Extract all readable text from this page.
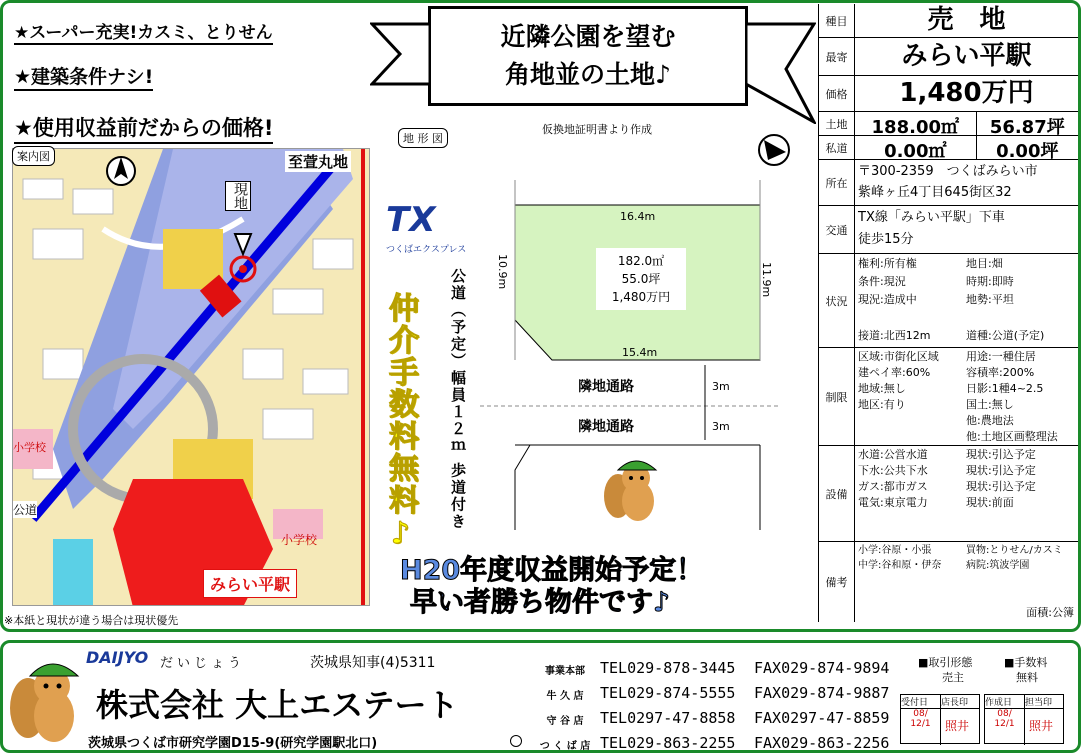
★スーパー充実!カスミ、とりせん
★建築条件ナシ!
★使用収益前だからの価格!
近隣公園を望む
角地並の土地♪
地 形 図
仮換地証明書より作成
案内図	至萱丸地
現地
みらい平駅
小学校
公道
小学校
※本紙と現状が違う場合は現状優先
TX
つくばエクスプレス
仲介手数料無料♪ 公道（予定）幅員１２ｍ 歩道付き
16.4m
15.4m
10.9m	11.9m
182.0㎡
55.0坪
1,480万円
隣地通路
隣地通路
3m
3m
H20年度収益開始予定！
早い者勝ち物件です♪
種目	売　地
最寄	みらい平駅
価格	1,480万円
土地	188.00㎡	56.87坪
私道	0.00㎡	0.00坪
所在
〒300-2359　つくばみらい市
紫峰ヶ丘4丁目645街区32
交通
TX線「みらい平駅」下車
徒歩15分
状況
権利:所有権	地目:畑
条件:現況	時期:即時
現況:造成中	地勢:平坦
接道:北西12m	道種:公道(予定)
制限
区域:市街化区域	用途:一種住居
建ペイ率:60%	容積率:200%
地域:無し	日影:1種4~2.5
地区:有り	国土:無し
他:農地法
他:土地区画整理法
設備
水道:公営水道	現状:引込予定
下水:公共下水	現状:引込予定
ガス:都市ガス	現状:引込予定
電気:東京電力	現状:前面
備考
小学:谷原・小張	買物:とりせん/カスミ
中学:谷和原・伊奈	病院:筑波学園
面積:公簿
DAIJYO だいじょう	茨城県知事(4)5311
株式会社 大上エステート
茨城県つくば市研究学園D15-9(研究学園駅北口)
事業本部	TEL029-878-3445 FAX029-874-9894
牛 久 店	TEL029-874-5555 FAX029-874-9887
守 谷 店	TEL0297-47-8858 FAX0297-47-8859
つ く ば 店 TEL029-863-2255 FAX029-863-2256
■取引形態
売主
■手数料
無料
受付日	店長印
08/
12/1	照井
作成日	担当印
08/
12/1	照井
